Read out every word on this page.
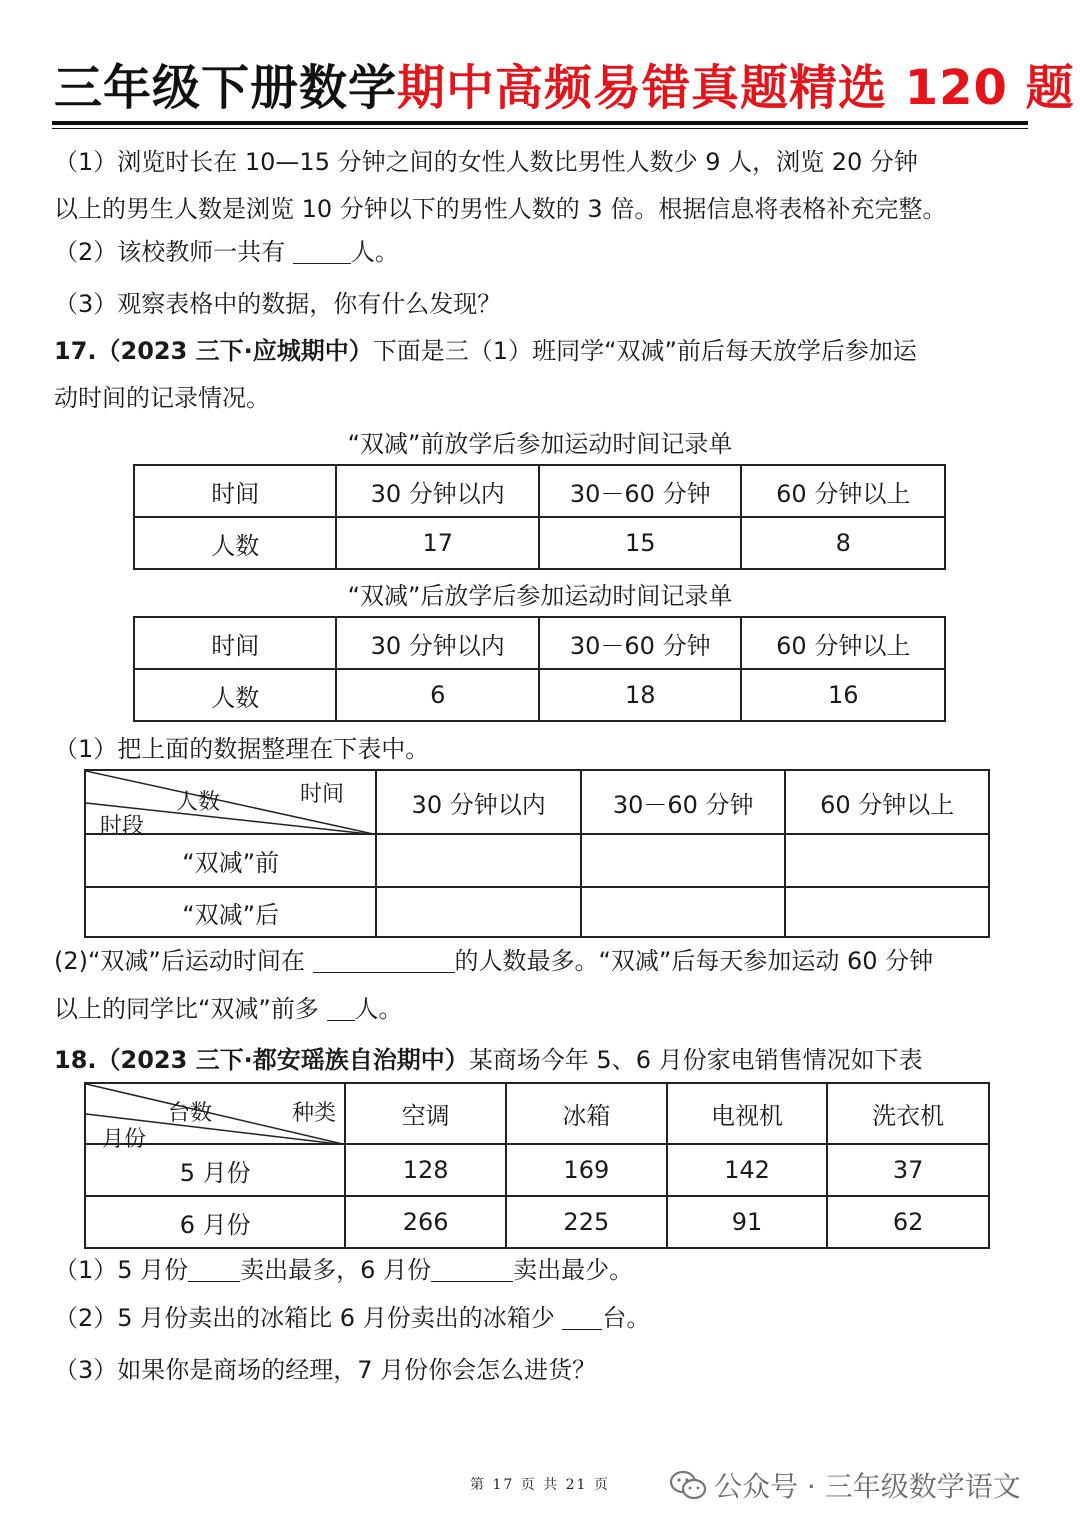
三年级下册数学期中高频易错真题精选 120 题
（1）浏览时长在 10—15 分钟之间的女性人数比男性人数少 9 人，浏览 20 分钟
以上的男生人数是浏览 10 分钟以下的男性人数的 3 倍。根据信息将表格补充完整。
（2）该校教师一共有 人。
（3）观察表格中的数据，你有什么发现？
17.（2023 三下·应城期中）下面是三（1）班同学“双减”前后每天放学后参加运
动时间的记录情况。
“双减”前放学后参加运动时间记录单
时间	30 分钟以内	30－60 分钟	60 分钟以上
人数	17	15	8
“双减”后放学后参加运动时间记录单
时间	30 分钟以内	30－60 分钟	60 分钟以上
人数	6	18	16
（1）把上面的数据整理在下表中。
时间
人数
时段	30 分钟以内	30－60 分钟	60 分钟以上
“双减”前			
“双减”后			
(2)“双减”后运动时间在	的人数最多。“双减”后每天参加运动 60 分钟
以上的同学比“双减”前多 人。
18.（2023 三下·都安瑶族自治期中）某商场今年 5、6 月份家电销售情况如下表
种类
台数
月份	空调	冰箱	电视机	洗衣机
5 月份	128	169	142	37
6 月份	266	225	91	62
（1）5 月份 卖出最多，6 月份	卖出最少。
（2）5 月份卖出的冰箱比 6 月份卖出的冰箱少 台。
（3）如果你是商场的经理，7 月份你会怎么进货？
第 17 页 共 21 页	公众号 · 三年级数学语文
